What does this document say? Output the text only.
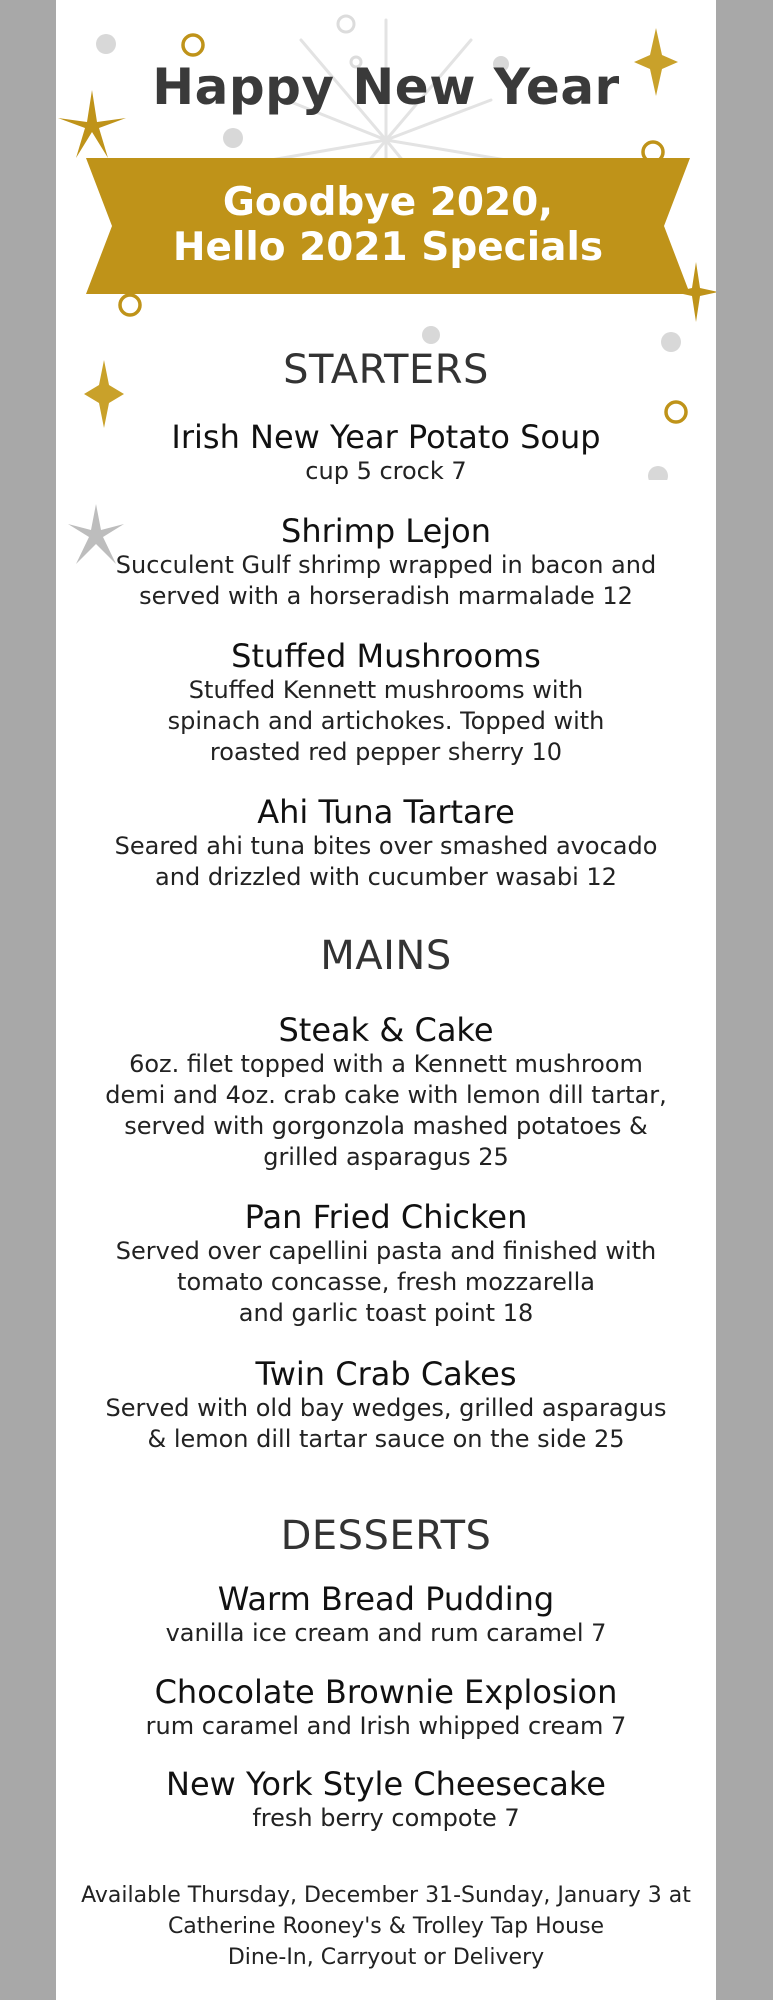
Happy New Year
Goodbye 2020,
Hello 2021 Specials
STARTERS
Irish New Year Potato Soup
cup 5 crock 7
Shrimp Lejon
Succulent Gulf shrimp wrapped in bacon and
served with a horseradish marmalade 12
Stuffed Mushrooms
Stuffed Kennett mushrooms with
spinach and artichokes. Topped with
roasted red pepper sherry 10
Ahi Tuna Tartare
Seared ahi tuna bites over smashed avocado
and drizzled with cucumber wasabi 12
MAINS
Steak & Cake
6oz. filet topped with a Kennett mushroom
demi and 4oz. crab cake with lemon dill tartar,
served with gorgonzola mashed potatoes &
grilled asparagus 25
Pan Fried Chicken
Served over capellini pasta and finished with
tomato concasse, fresh mozzarella
and garlic toast point 18
Twin Crab Cakes
Served with old bay wedges, grilled asparagus
& lemon dill tartar sauce on the side 25
DESSERTS
Warm Bread Pudding
vanilla ice cream and rum caramel 7
Chocolate Brownie Explosion
rum caramel and Irish whipped cream 7
New York Style Cheesecake
fresh berry compote 7
Available Thursday, December 31-Sunday, January 3 at
Catherine Rooney's & Trolley Tap House
Dine-In, Carryout or Delivery
